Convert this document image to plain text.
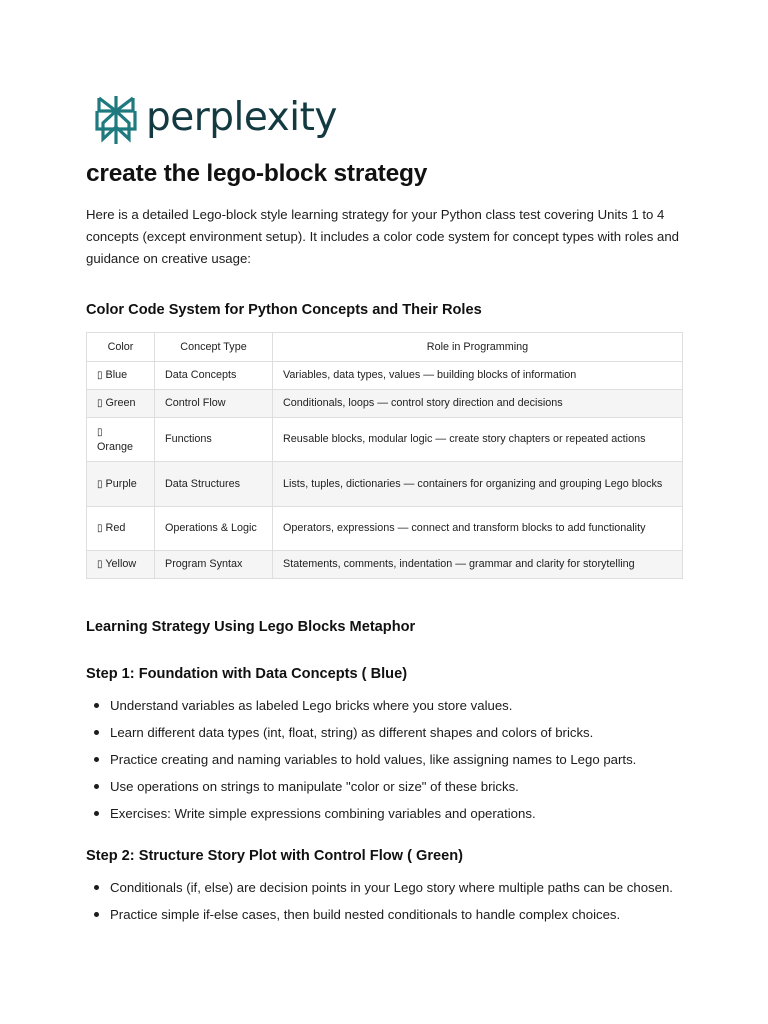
perplexity
create the lego-block strategy

Here is a detailed Lego-block style learning strategy for your Python class test covering Units 1 to 4 concepts (except environment setup). It includes a color code system for concept types with roles and guidance on creative usage:

Color Code System for Python Concepts and Their Roles
Color	Concept Type	Role in Programming
▯ Blue	Data Concepts	Variables, data types, values — building blocks of information
▯ Green	Control Flow	Conditionals, loops — control story direction and decisions
▯
Orange	Functions	Reusable blocks, modular logic — create story chapters or repeated actions
▯ Purple	Data Structures	Lists, tuples, dictionaries — containers for organizing and grouping Lego blocks
▯ Red	Operations & Logic	Operators, expressions — connect and transform blocks to add functionality
▯ Yellow	Program Syntax	Statements, comments, indentation — grammar and clarity for storytelling
Learning Strategy Using Lego Blocks Metaphor
Step 1: Foundation with Data Concepts ( Blue)
Understand variables as labeled Lego bricks where you store values.
Learn different data types (int, float, string) as different shapes and colors of bricks.
Practice creating and naming variables to hold values, like assigning names to Lego parts.
Use operations on strings to manipulate "color or size" of these bricks.
Exercises: Write simple expressions combining variables and operations.
Step 2: Structure Story Plot with Control Flow ( Green)
Conditionals (if, else) are decision points in your Lego story where multiple paths can be chosen.
Practice simple if-else cases, then build nested conditionals to handle complex choices.
